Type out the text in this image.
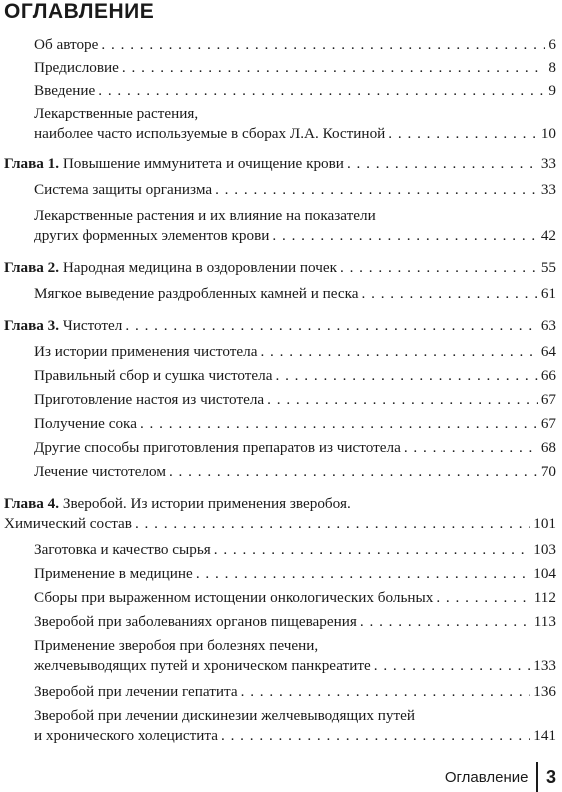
ОГЛАВЛЕНИЕ
Об авторе . . .	6
Предисловие . . .	8
Введение . . .	9
Лекарственные растения,
наиболее часто используемые в сборах Л.А. Костиной . . .	10
Глава 1. Повышение иммунитета и очищение крови . . .	33
Система защиты организма . . .	33
Лекарственные растения и их влияние на показатели
других форменных элементов крови . . .	42
Глава 2. Народная медицина в оздоровлении почек . . .	55
Мягкое выведение раздробленных камней и песка . . .	61
Глава 3. Чистотел . . .	63
Из истории применения чистотела . . .	64
Правильный сбор и сушка чистотела . . .	66
Приготовление настоя из чистотела . . .	67
Получение сока . . .	67
Другие способы приготовления препаратов из чистотела . . .	68
Лечение чистотелом . . .	70
Глава 4. Зверобой. Из истории применения зверобоя.
Химический состав . . .	101
Заготовка и качество сырья . . .	103
Применение в медицине . . .	104
Сборы при выраженном истощении онкологических больных . . .	112
Зверобой при заболеваниях органов пищеварения . . .	113
Применение зверобоя при болезнях печени,
желчевыводящих путей и хроническом панкреатите . . .	133
Зверобой при лечении гепатита . . .	136
Зверобой при лечении дискинезии желчевыводящих путей
и хронического холецистита . . .	141
Оглавление 3
